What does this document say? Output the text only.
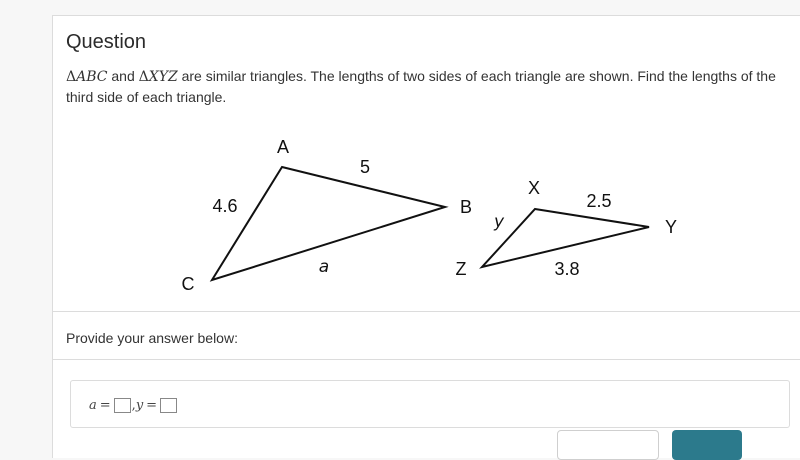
Question
ΔABC and ΔXYZ are similar triangles. The lengths of two sides of each triangle are shown. Find the lengths of the third side of each triangle.
A
B
C
5
4.6
a
X
Y
Z
2.5
y
3.8
Provide your answer below:
a = , y =
